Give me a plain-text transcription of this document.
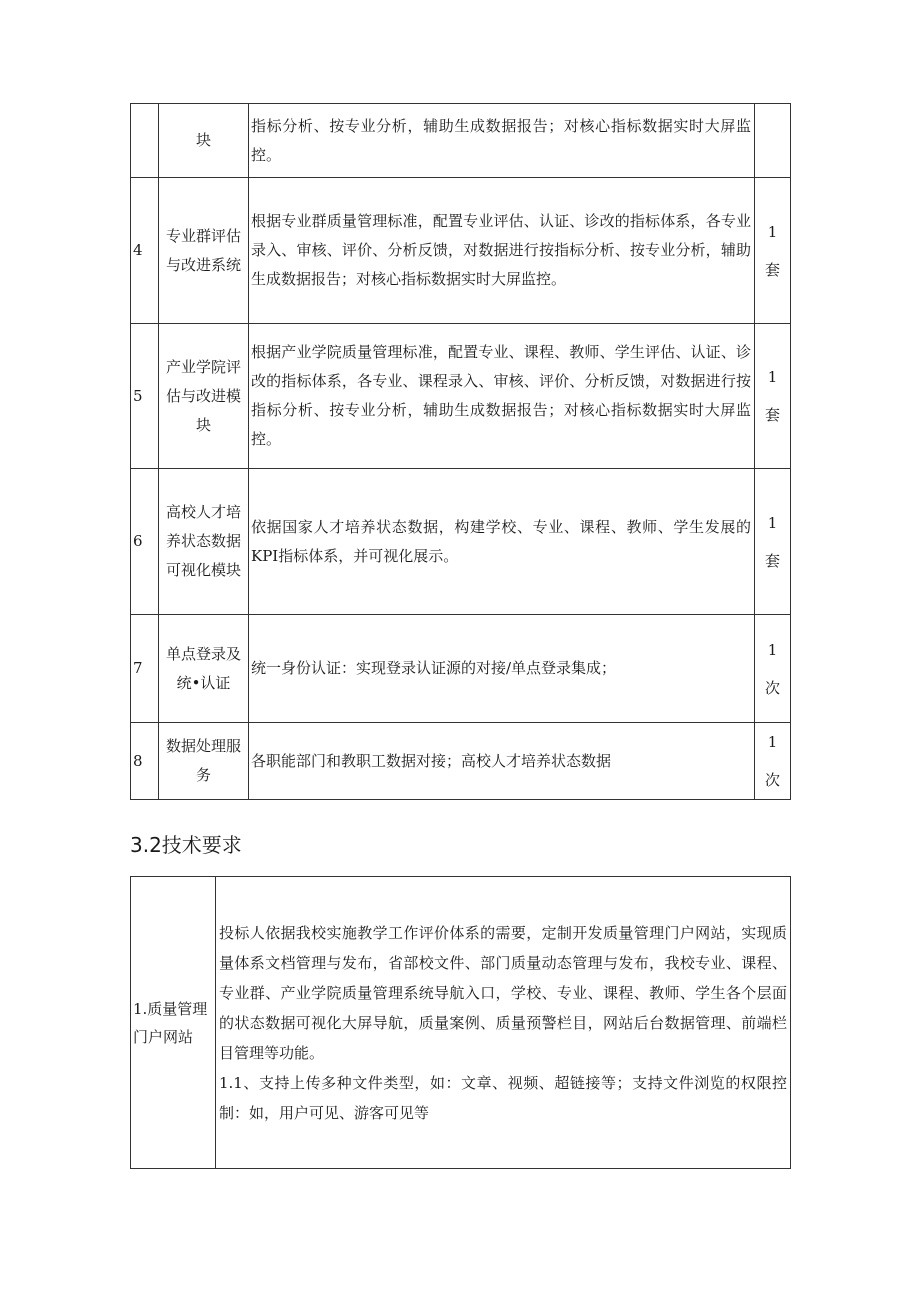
	块	指标分析、按专业分析，辅助生成数据报告；对核心指标数据实时大屏监控。	

4	专业群评估与改进系统	根据专业群质量管理标准，配置专业评估、认证、诊改的指标体系，各专业录入、审核、评价、分析反馈，对数据进行按指标分析、按专业分析，辅助生成数据报告；对核心指标数据实时大屏监控。	1
套

5	产业学院评估与改进模块	根据产业学院质量管理标准，配置专业、课程、教师、学生评估、认证、诊改的指标体系，各专业、课程录入、审核、评价、分析反馈，对数据进行按指标分析、按专业分析，辅助生成数据报告；对核心指标数据实时大屏监控。	1
套

6	高校人才培养状态数据可视化模块	依据国家人才培养状态数据，构建学校、专业、课程、教师、学生发展的KPI指标体系，并可视化展示。	1
套

7	单点登录及统•认证	统一身份认证：实现登录认证源的对接/单点登录集成；	1
次

8	数据处理服务	各职能部门和教职工数据对接；高校人才培养状态数据	1
次
3.2技术要求
1.质量管理门户网站	

投标人依据我校实施教学工作评价体系的需要，定制开发质量管理门户网站，实现质量体系文档管理与发布，省部校文件、部门质量动态管理与发布，我校专业、课程、专业群、产业学院质量管理系统导航入口，学校、专业、课程、教师、学生各个层面的状态数据可视化大屏导航，质量案例、质量预警栏目，网站后台数据管理、前端栏目管理等功能。

1.1、支持上传多种文件类型，如：文章、视频、超链接等；支持文件浏览的权限控制：如，用户可见、游客可见等
